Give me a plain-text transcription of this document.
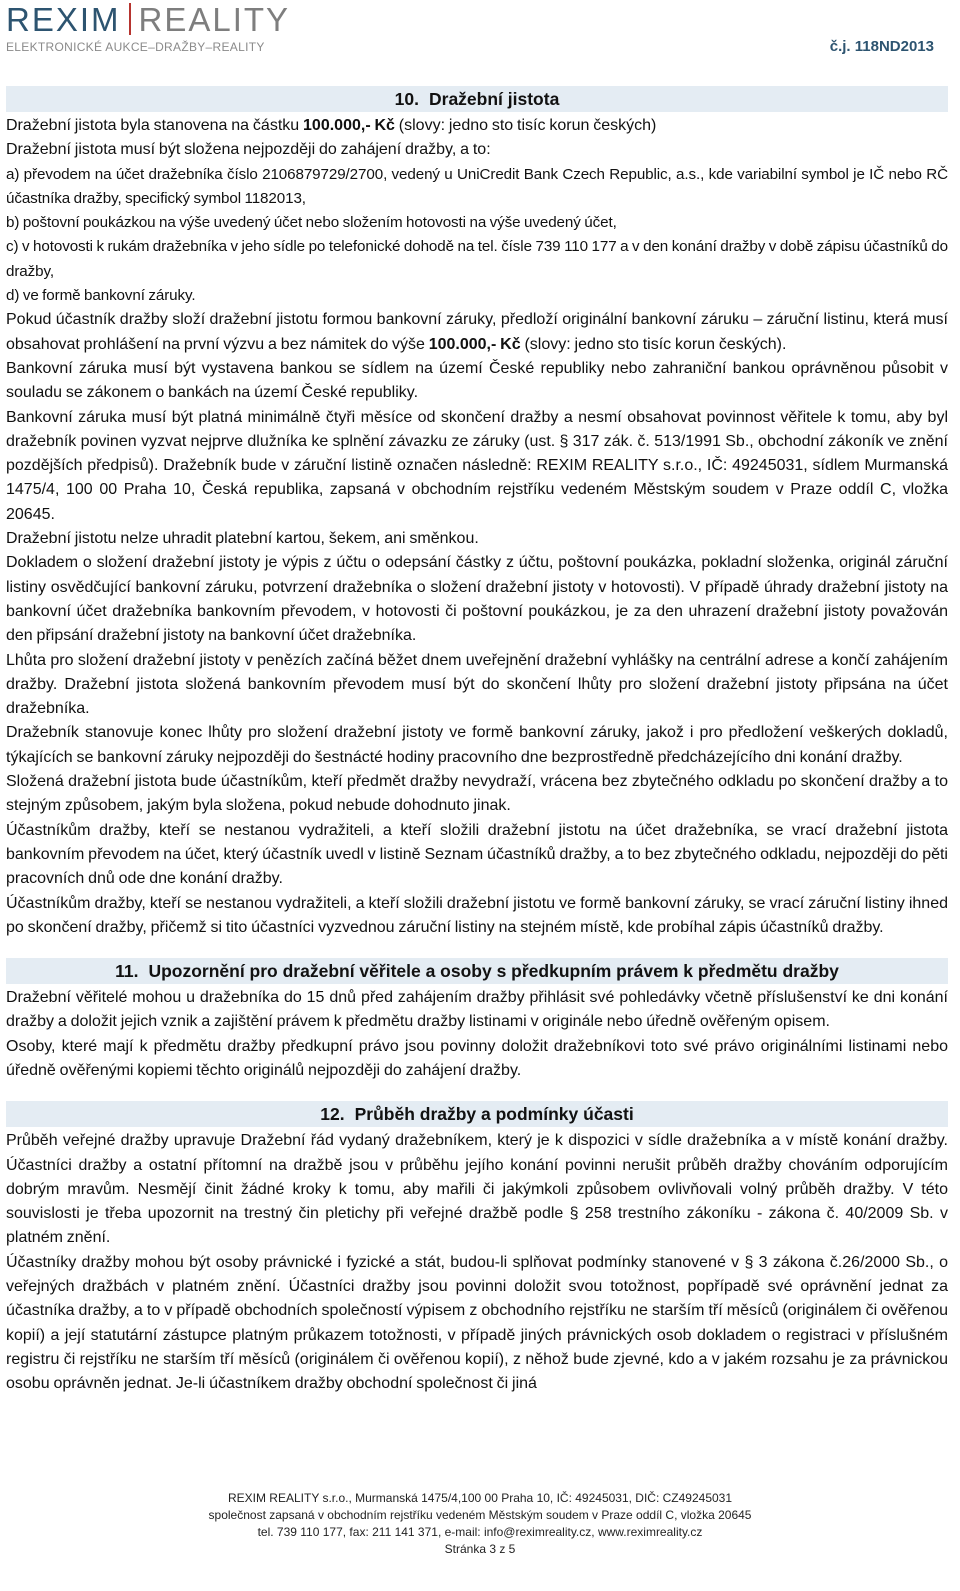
REXIM REALITY
ELEKTRONICKÉ AUKCE–DRAŽBY–REALITY	č.j. 118ND2013
10. Dražební jistota

Dražební jistota byla stanovena na částku 100.000,- Kč (slovy: jedno sto tisíc korun českých)

Dražební jistota musí být složena nejpozději do zahájení dražby, a to:

a) převodem na účet dražebníka číslo 2106879729/2700, vedený u UniCredit Bank Czech Republic, a.s., kde variabilní symbol je IČ nebo RČ účastníka dražby, specifický symbol 1182013,

b) poštovní poukázkou na výše uvedený účet nebo složením hotovosti na výše uvedený účet,

c) v hotovosti k rukám dražebníka v jeho sídle po telefonické dohodě na tel. čísle 739 110 177 a v den konání dražby v době zápisu účastníků do dražby,

d) ve formě bankovní záruky.

Pokud účastník dražby složí dražební jistotu formou bankovní záruky, předloží originální bankovní záruku – záruční listinu, která musí obsahovat prohlášení na první výzvu a bez námitek do výše 100.000,- Kč (slovy: jedno sto tisíc korun českých).

Bankovní záruka musí být vystavena bankou se sídlem na území České republiky nebo zahraniční bankou oprávněnou působit v souladu se zákonem o bankách na území České republiky.

Bankovní záruka musí být platná minimálně čtyři měsíce od skončení dražby a nesmí obsahovat povinnost věřitele k tomu, aby byl dražebník povinen vyzvat nejprve dlužníka ke splnění závazku ze záruky (ust. § 317 zák. č. 513/1991 Sb., obchodní zákoník ve znění pozdějších předpisů). Dražebník bude v záruční listině označen následně: REXIM REALITY s.r.o., IČ: 49245031, sídlem Murmanská 1475/4, 100 00 Praha 10, Česká republika, zapsaná v obchodním rejstříku vedeném Městským soudem v Praze oddíl C, vložka 20645.

Dražební jistotu nelze uhradit platební kartou, šekem, ani směnkou.

Dokladem o složení dražební jistoty je výpis z účtu o odepsání částky z účtu, poštovní poukázka, pokladní složenka, originál záruční listiny osvědčující bankovní záruku, potvrzení dražebníka o složení dražební jistoty v hotovosti). V případě úhrady dražební jistoty na bankovní účet dražebníka bankovním převodem, v hotovosti či poštovní poukázkou, je za den uhrazení dražební jistoty považován den připsání dražební jistoty na bankovní účet dražebníka.

Lhůta pro složení dražební jistoty v penězích začíná běžet dnem uveřejnění dražební vyhlášky na centrální adrese a končí zahájením dražby. Dražební jistota složená bankovním převodem musí být do skončení lhůty pro složení dražební jistoty připsána na účet dražebníka.

Dražebník stanovuje konec lhůty pro složení dražební jistoty ve formě bankovní záruky, jakož i pro předložení veškerých dokladů, týkajících se bankovní záruky nejpozději do šestnácté hodiny pracovního dne bezprostředně předcházejícího dni konání dražby.

Složená dražební jistota bude účastníkům, kteří předmět dražby nevydraží, vrácena bez zbytečného odkladu po skončení dražby a to stejným způsobem, jakým byla složena, pokud nebude dohodnuto jinak.

Účastníkům dražby, kteří se nestanou vydražiteli, a kteří složili dražební jistotu na účet dražebníka, se vrací dražební jistota bankovním převodem na účet, který účastník uvedl v listině Seznam účastníků dražby, a to bez zbytečného odkladu, nejpozději do pěti pracovních dnů ode dne konání dražby.

Účastníkům dražby, kteří se nestanou vydražiteli, a kteří složili dražební jistotu ve formě bankovní záruky, se vrací záruční listiny ihned po skončení dražby, přičemž si tito účastníci vyzvednou záruční listiny na stejném místě, kde probíhal zápis účastníků dražby.

11. Upozornění pro dražební věřitele a osoby s předkupním právem k předmětu dražby

Dražební věřitelé mohou u dražebníka do 15 dnů před zahájením dražby přihlásit své pohledávky včetně příslušenství ke dni konání dražby a doložit jejich vznik a zajištění právem k předmětu dražby listinami v originále nebo úředně ověřeným opisem.

Osoby, které mají k předmětu dražby předkupní právo jsou povinny doložit dražebníkovi toto své právo originálními listinami nebo úředně ověřenými kopiemi těchto originálů nejpozději do zahájení dražby.

12. Průběh dražby a podmínky účasti

Průběh veřejné dražby upravuje Dražební řád vydaný dražebníkem, který je k dispozici v sídle dražebníka a v místě konání dražby. Účastníci dražby a ostatní přítomní na dražbě jsou v průběhu jejího konání povinni nerušit průběh dražby chováním odporujícím dobrým mravům. Nesmějí činit žádné kroky k tomu, aby mařili či jakýmkoli způsobem ovlivňovali volný průběh dražby. V této souvislosti je třeba upozornit na trestný čin pletichy při veřejné dražbě podle § 258 trestního zákoníku - zákona č. 40/2009 Sb. v platném znění.

Účastníky dražby mohou být osoby právnické i fyzické a stát, budou-li splňovat podmínky stanovené v § 3 zákona č.26/2000 Sb., o veřejných dražbách v platném znění. Účastníci dražby jsou povinni doložit svou totožnost, popřípadě své oprávnění jednat za účastníka dražby, a to v případě obchodních společností výpisem z obchodního rejstříku ne starším tří měsíců (originálem či ověřenou kopií) a její statutární zástupce platným průkazem totožnosti, v případě jiných právnických osob dokladem o registraci v příslušném registru či rejstříku ne starším tří měsíců (originálem či ověřenou kopií), z něhož bude zjevné, kdo a v jakém rozsahu je za právnickou osobu oprávněn jednat. Je-li účastníkem dražby obchodní společnost či jiná

REXIM REALITY s.r.o., Murmanská 1475/4,100 00 Praha 10, IČ: 49245031, DIČ: CZ49245031
společnost zapsaná v obchodním rejstříku vedeném Městským soudem v Praze oddíl C, vložka 20645
tel. 739 110 177, fax: 211 141 371, e-mail: info@reximreality.cz, www.reximreality.cz
Stránka 3 z 5
